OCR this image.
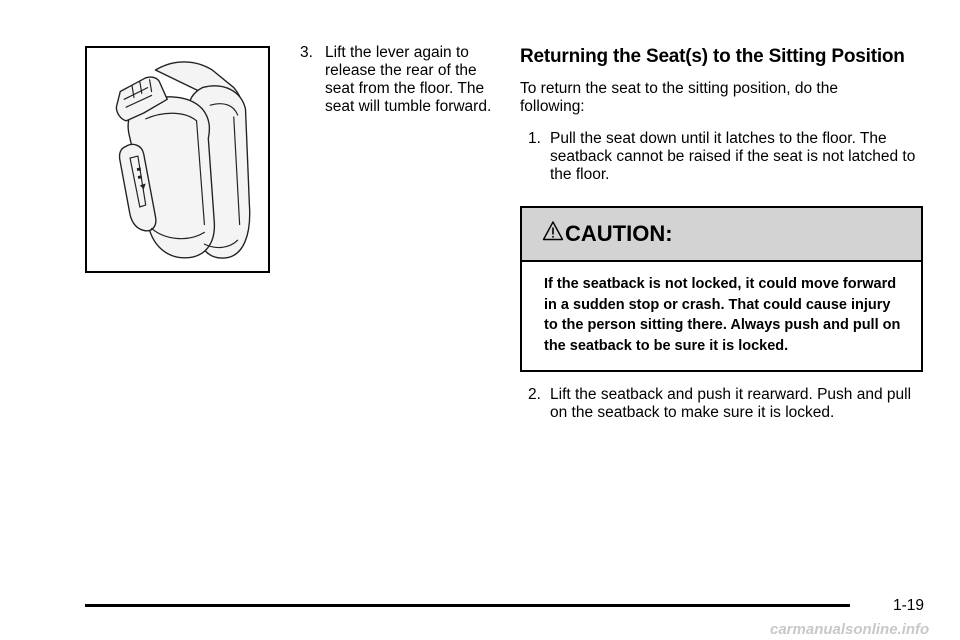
3. Lift the lever again to release the rear of the seat from the floor. The seat will tumble forward.
Returning the Seat(s) to the Sitting Position
To return the seat to the sitting position, do the following:
1. Pull the seat down until it latches to the floor. The seatback cannot be raised if the seat is not latched to the floor.
CAUTION:
If the seatback is not locked, it could move forward in a sudden stop or crash. That could cause injury to the person sitting there. Always push and pull on the seatback to be sure it is locked.
2. Lift the seatback and push it rearward. Push and pull on the seatback to make sure it is locked.
1-19
carmanualsonline.info
